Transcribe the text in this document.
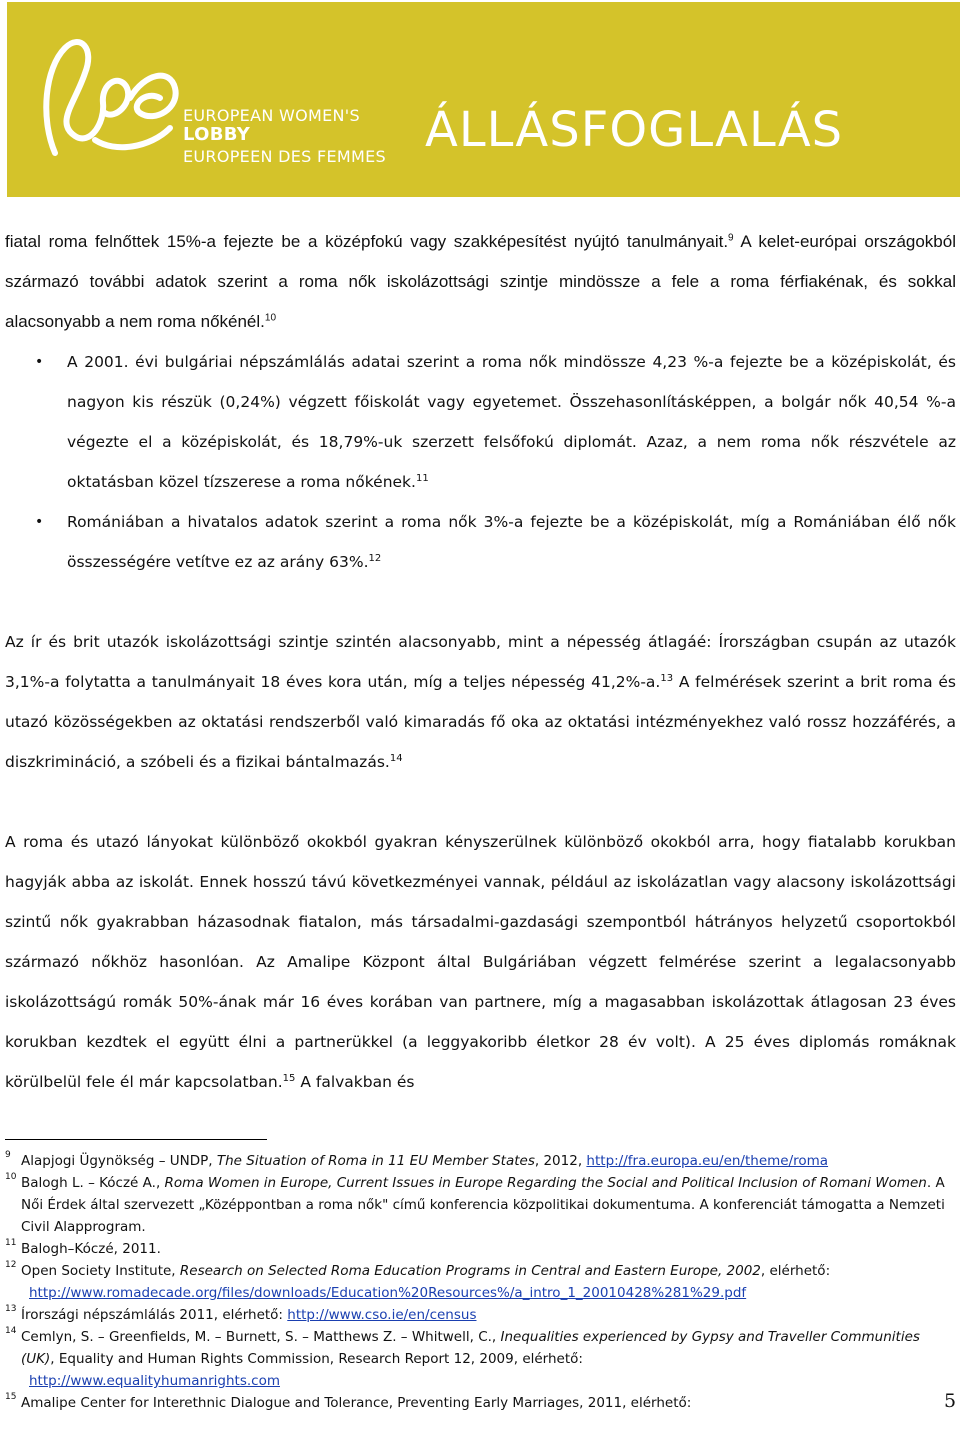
EUROPEAN WOMEN'S
LOBBY
EUROPEEN DES FEMMES ÁLLÁSFOGLALÁS

fiatal roma felnőttek 15%-a fejezte be a középfokú vagy szakképesítést nyújtó tanulmányait.$^9$ A kelet-európai országokból származó további adatok szerint a roma nők iskolázottsági szintje mindössze a fele a roma férfiakénak, és sokkal alacsonyabb a nem roma nőkénél.$^{10}$

• A 2001. évi bulgáriai népszámlálás adatai szerint a roma nők mindössze 4,23 %-a fejezte be a középiskolát, és nagyon kis részük (0,24%) végzett főiskolát vagy egyetemet. Összehasonlításképpen, a bolgár nők 40,54 %-a végezte el a középiskolát, és 18,79%-uk szerzett felsőfokú diplomát. Azaz, a nem roma nők részvétele az oktatásban közel tízszerese a roma nőkének.$^{11}$
• Romániában a hivatalos adatok szerint a roma nők 3%-a fejezte be a középiskolát, míg a Romániában élő nők összességére vetítve ez az arány 63%.$^{12}$

Az ír és brit utazók iskolázottsági szintje szintén alacsonyabb, mint a népesség átlagáé: Írországban csupán az utazók 3,1%-a folytatta a tanulmányait 18 éves kora után, míg a teljes népesség 41,2%-a.$^{13}$ A felmérések szerint a brit roma és utazó közösségekben az oktatási rendszerből való kimaradás fő oka az oktatási intézményekhez való rossz hozzáférés, a diszkrimináció, a szóbeli és a fizikai bántalmazás.$^{14}$

A roma és utazó lányokat különböző okokból gyakran kényszerülnek különböző okokból arra, hogy fiatalabb korukban hagyják abba az iskolát. Ennek hosszú távú következményei vannak, például az iskolázatlan vagy alacsony iskolázottsági szintű nők gyakrabban házasodnak fiatalon, más társadalmi-gazdasági szempontból hátrányos helyzetű csoportokból származó nőkhöz hasonlóan. Az Amalipe Központ által Bulgáriában végzett felmérése szerint a legalacsonyabb iskolázottságú romák 50%-ának már 16 éves korában van partnere, míg a magasabban iskolázottak átlagosan 23 éves korukban kezdtek el együtt élni a partnerükkel (a leggyakoribb életkor 28 év volt). A 25 éves diplomás romáknak körülbelül fele él már kapcsolatban.$^{15}$ A falvakban és

9 Alapjogi Ügynökség – UNDP, The Situation of Roma in 11 EU Member States, 2012, http://fra.europa.eu/en/theme/roma
10 Balogh L. – Kóczé A., Roma Women in Europe, Current Issues in Europe Regarding the Social and Political Inclusion of Romani Women. A Női Érdek által szervezett „Középpontban a roma nők" című konferencia közpolitikai dokumentuma. A konferenciát támogatta a Nemzeti Civil Alapprogram.
11 Balogh–Kóczé, 2011.
12 Open Society Institute, Research on Selected Roma Education Programs in Central and Eastern Europe, 2002, elérhető:
http://www.romadecade.org/files/downloads/Education%20Resources%/a_intro_1_20010428%281%29.pdf
13 Írországi népszámlálás 2011, elérhető: http://www.cso.ie/en/census
14 Cemlyn, S. – Greenfields, M. – Burnett, S. – Matthews Z. – Whitwell, C., Inequalities experienced by Gypsy and Traveller Communities (UK), Equality and Human Rights Commission, Research Report 12, 2009, elérhető:
http://www.equalityhumanrights.com
15 Amalipe Center for Interethnic Dialogue and Tolerance, Preventing Early Marriages, 2011, elérhető:	5
